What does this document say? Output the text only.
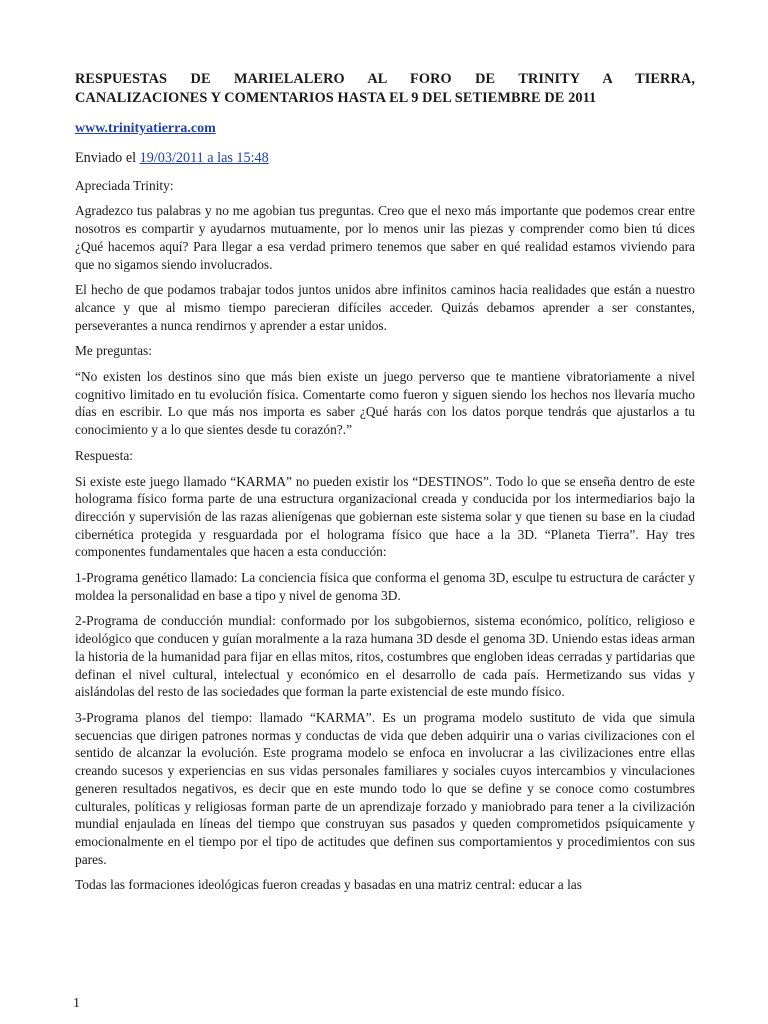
RESPUESTAS DE MARIELALERO AL FORO DE TRINITY A TIERRA,
CANALIZACIONES Y COMENTARIOS HASTA EL 9 DEL SETIEMBRE DE 2011
www.trinityatierra.com
Enviado el 19/03/2011 a las 15:48

Apreciada Trinity:

Agradezco tus palabras y no me agobian tus preguntas. Creo que el nexo más importante que podemos crear entre nosotros es compartir y ayudarnos mutuamente, por lo menos unir las piezas y comprender como bien tú dices ¿Qué hacemos aquí? Para llegar a esa verdad primero tenemos que saber en qué realidad estamos viviendo para que no sigamos siendo involucrados.

El hecho de que podamos trabajar todos juntos unidos abre infinitos caminos hacia realidades que están a nuestro alcance y que al mismo tiempo parecieran difíciles acceder. Quizás debamos aprender a ser constantes, perseverantes a nunca rendirnos y aprender a estar unidos.

Me preguntas:

“No existen los destinos sino que más bien existe un juego perverso que te mantiene vibratoriamente a nivel cognitivo limitado en tu evolución física. Comentarte como fueron y siguen siendo los hechos nos llevaría mucho días en escribir. Lo que más nos importa es saber ¿Qué harás con los datos porque tendrás que ajustarlos a tu conocimiento y a lo que sientes desde tu corazón?.”

Respuesta:

Si existe este juego llamado “KARMA” no pueden existir los “DESTINOS”. Todo lo que se enseña dentro de este holograma físico forma parte de una estructura organizacional creada y conducida por los intermediarios bajo la dirección y supervisión de las razas alienígenas que gobiernan este sistema solar y que tienen su base en la ciudad cibernética protegida y resguardada por el holograma físico que hace a la 3D. “Planeta Tierra”. Hay tres componentes fundamentales que hacen a esta conducción:

1-Programa genético llamado: La conciencia física que conforma el genoma 3D, esculpe tu estructura de carácter y moldea la personalidad en base a tipo y nivel de genoma 3D.

2-Programa de conducción mundial: conformado por los subgobiernos, sistema económico, político, religioso e ideológico que conducen y guían moralmente a la raza humana 3D desde el genoma 3D. Uniendo estas ideas arman la historia de la humanidad para fijar en ellas mitos, ritos, costumbres que engloben ideas cerradas y partidarias que definan el nivel cultural, intelectual y económico en el desarrollo de cada país. Hermetizando sus vidas y aislándolas del resto de las sociedades que forman la parte existencial de este mundo físico.

3-Programa planos del tiempo: llamado “KARMA”. Es un programa modelo sustituto de vida que simula secuencias que dirigen patrones normas y conductas de vida que deben adquirir una o varias civilizaciones con el sentido de alcanzar la evolución. Este programa modelo se enfoca en involucrar a las civilizaciones entre ellas creando sucesos y experiencias en sus vidas personales familiares y sociales cuyos intercambios y vinculaciones generen resultados negativos, es decir que en este mundo todo lo que se define y se conoce como costumbres culturales, políticas y religiosas forman parte de un aprendizaje forzado y maniobrado para tener a la civilización mundial enjaulada en líneas del tiempo que construyan sus pasados y queden comprometidos psíquicamente y emocionalmente en el tiempo por el tipo de actitudes que definen sus comportamientos y procedimientos con sus pares.

Todas las formaciones ideológicas fueron creadas y basadas en una matriz central: educar a las

1
